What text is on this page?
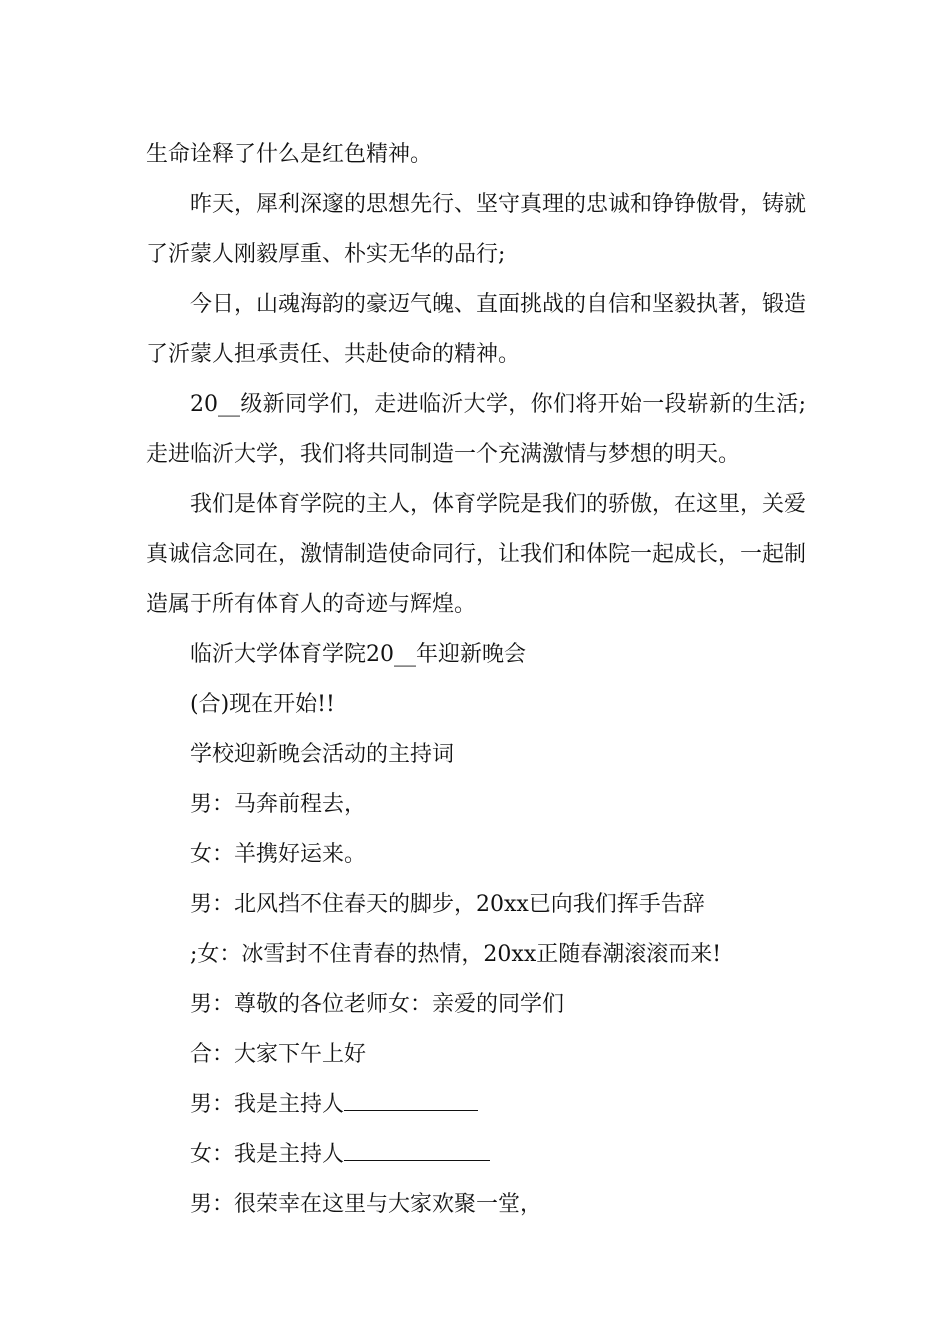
生命诠释了什么是红色精神。

昨天，犀利深邃的思想先行、坚守真理的忠诚和铮铮傲骨，铸就了沂蒙人刚毅厚重、朴实无华的品行;

今日，山魂海韵的豪迈气魄、直面挑战的自信和坚毅执著，锻造了沂蒙人担承责任、共赴使命的精神。

20__级新同学们，走进临沂大学，你们将开始一段崭新的生活;走进临沂大学，我们将共同制造一个充满激情与梦想的明天。

我们是体育学院的主人，体育学院是我们的骄傲，在这里，关爱真诚信念同在，激情制造使命同行，让我们和体院一起成长，一起制造属于所有体育人的奇迹与辉煌。

临沂大学体育学院20__年迎新晚会
(合)现在开始!!
学校迎新晚会活动的主持词
男：马奔前程去，
女：羊携好运来。
男：北风挡不住春天的脚步，20xx已向我们挥手告辞
;女：冰雪封不住青春的热情，20xx正随春潮滚滚而来!
男：尊敬的各位老师女：亲爱的同学们
合：大家下午上好
男：我是主持人
女：我是主持人
男：很荣幸在这里与大家欢聚一堂，
